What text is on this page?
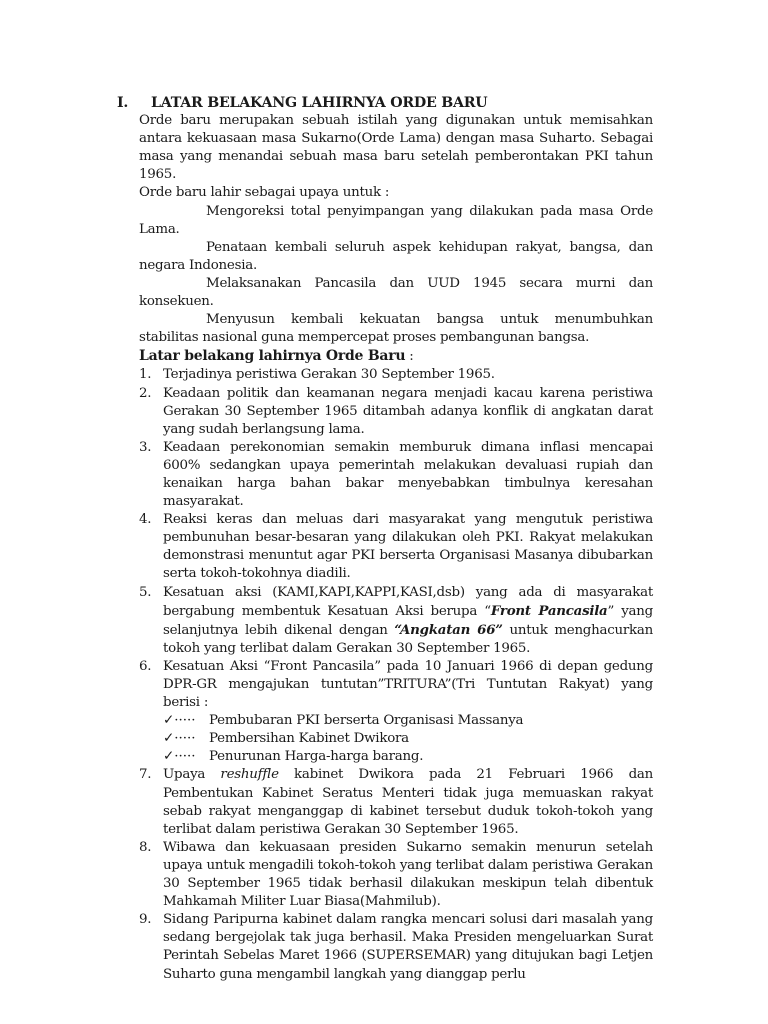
I.	LATAR BELAKANG LAHIRNYA ORDE BARU

Orde baru merupakan sebuah istilah yang digunakan untuk memisahkan antara kekuasaan masa Sukarno(Orde Lama) dengan masa Suharto. Sebagai masa yang menandai sebuah masa baru setelah pemberontakan PKI tahun 1965.

Orde baru lahir sebagai upaya untuk :

Mengoreksi total penyimpangan yang dilakukan pada masa Orde Lama.

Penataan kembali seluruh aspek kehidupan rakyat, bangsa, dan negara Indonesia.

Melaksanakan Pancasila dan UUD 1945 secara murni dan konsekuen.

Menyusun kembali kekuatan bangsa untuk menumbuhkan stabilitas nasional guna mempercepat proses pembangunan bangsa.

Latar belakang lahirnya Orde Baru :

1. Terjadinya peristiwa Gerakan 30 September 1965.
2. Keadaan politik dan keamanan negara menjadi kacau karena peristiwa Gerakan 30 September 1965 ditambah adanya konflik di angkatan darat yang sudah berlangsung lama.
3. Keadaan perekonomian semakin memburuk dimana inflasi mencapai 600% sedangkan upaya pemerintah melakukan devaluasi rupiah dan kenaikan harga bahan bakar menyebabkan timbulnya keresahan masyarakat.
4. Reaksi keras dan meluas dari masyarakat yang mengutuk peristiwa pembunuhan besar-besaran yang dilakukan oleh PKI. Rakyat melakukan demonstrasi menuntut agar PKI berserta Organisasi Masanya dibubarkan serta tokoh-tokohnya diadili.
5. Kesatuan aksi (KAMI,KAPI,KAPPI,KASI,dsb) yang ada di masyarakat bergabung membentuk Kesatuan Aksi berupa “Front Pancasila” yang selanjutnya lebih dikenal dengan “Angkatan 66” untuk menghacurkan tokoh yang terlibat dalam Gerakan 30 September 1965.
6. Kesatuan Aksi “Front Pancasila” pada 10 Januari 1966 di depan gedung DPR-GR mengajukan tuntutan”TRITURA”(Tri Tuntutan Rakyat) yang berisi :
✓·····	Pembubaran PKI berserta Organisasi Massanya
✓·····	Pembersihan Kabinet Dwikora
✓·····	Penurunan Harga-harga barang.
7. Upaya reshuffle kabinet Dwikora pada 21 Februari 1966 dan Pembentukan Kabinet Seratus Menteri tidak juga memuaskan rakyat sebab rakyat menganggap di kabinet tersebut duduk tokoh-tokoh yang terlibat dalam peristiwa Gerakan 30 September 1965.
8. Wibawa dan kekuasaan presiden Sukarno semakin menurun setelah upaya untuk mengadili tokoh-tokoh yang terlibat dalam peristiwa Gerakan 30 September 1965 tidak berhasil dilakukan meskipun telah dibentuk Mahkamah Militer Luar Biasa(Mahmilub).
9. Sidang Paripurna kabinet dalam rangka mencari solusi dari masalah yang sedang bergejolak tak juga berhasil. Maka Presiden mengeluarkan Surat Perintah Sebelas Maret 1966 (SUPERSEMAR) yang ditujukan bagi Letjen Suharto guna mengambil langkah yang dianggap perlu
